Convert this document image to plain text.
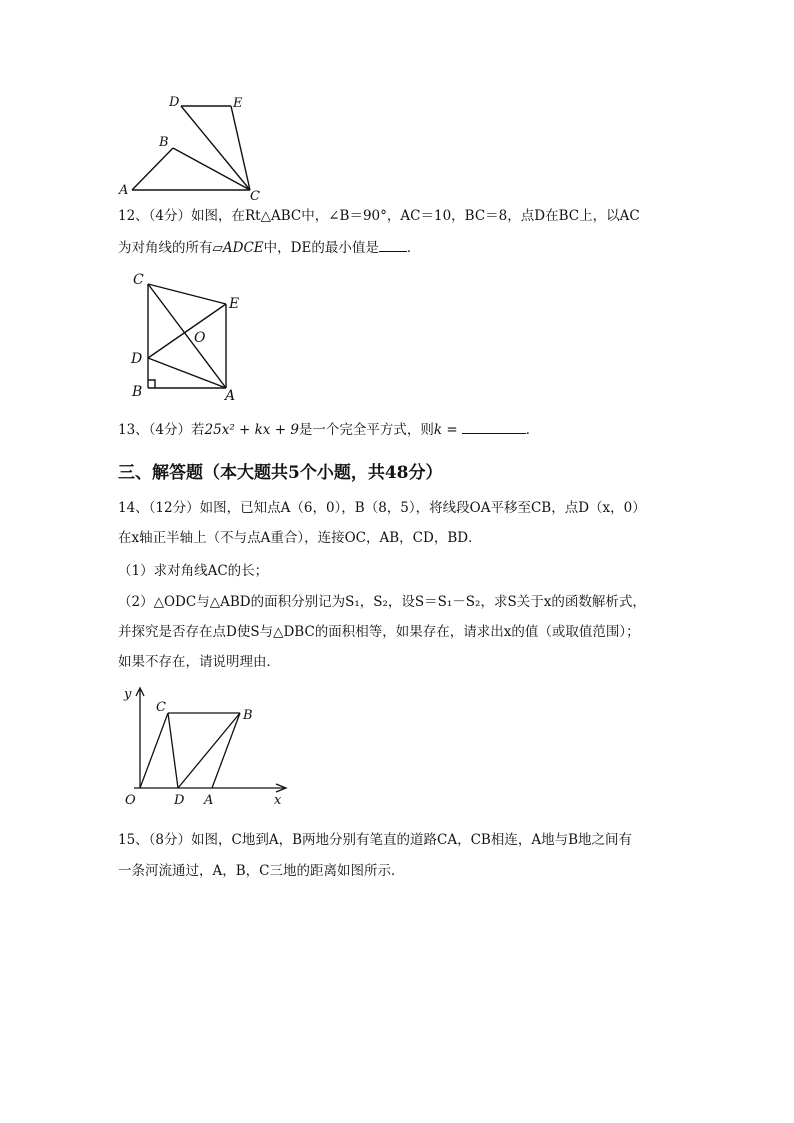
D	E
B
A	C
12、（4分）如图，在Rt△ABC中，∠B＝90°，AC＝10，BC＝8，点D在BC上，以AC
为对角线的所有▱ADCE中，DE的最小值是 ．
C
E
O
D
B	A
13、（4分）若25x² + kx + 9是一个完全平方式，则k =	．
三、解答题（本大题共5个小题，共48分）
14、（12分）如图，已知点A（6，0），B（8，5），将线段OA平移至CB，点D（x，0）
在x轴正半轴上（不与点A重合），连接OC，AB，CD，BD．
（1）求对角线AC的长；
（2）△ODC与△ABD的面积分别记为S₁，S₂，设S＝S₁－S₂，求S关于x的函数解析式，
并探究是否存在点D使S与△DBC的面积相等，如果存在，请求出x的值（或取值范围）；
如果不存在，请说明理由．
y
C
B
O	D A	x
15、（8分）如图，C地到A，B两地分别有笔直的道路CA，CB相连，A地与B地之间有
一条河流通过，A，B，C三地的距离如图所示．
